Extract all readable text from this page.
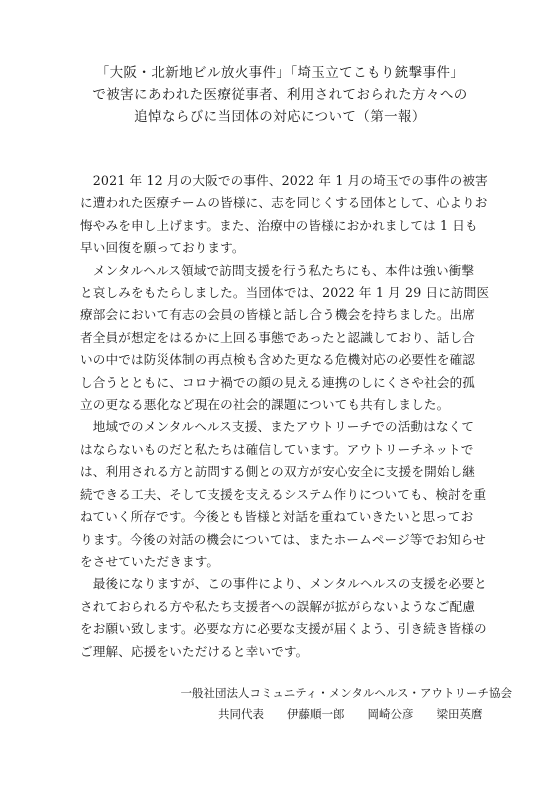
「大阪・北新地ビル放火事件」「埼玉立てこもり銃撃事件」
で被害にあわれた医療従事者、利用されておられた方々への
追悼ならびに当団体の対応について（第一報）
　2021 年 12 月の大阪での事件、2022 年 1 月の埼玉での事件の被害
に遭われた医療チームの皆様に、志を同じくする団体として、心よりお
悔やみを申し上げます。また、治療中の皆様におかれましては 1 日も
早い回復を願っております。
　メンタルヘルス領域で訪問支援を行う私たちにも、本件は強い衝撃
と哀しみをもたらしました。当団体では、2022 年 1 月 29 日に訪問医
療部会において有志の会員の皆様と話し合う機会を持ちました。出席
者全員が想定をはるかに上回る事態であったと認識しており、話し合
いの中では防災体制の再点検も含めた更なる危機対応の必要性を確認
し合うとともに、コロナ禍での顔の見える連携のしにくさや社会的孤
立の更なる悪化など現在の社会的課題についても共有しました。
　地域でのメンタルヘルス支援、またアウトリーチでの活動はなくて
はならないものだと私たちは確信しています。アウトリーチネットで
は、利用される方と訪問する側との双方が安心安全に支援を開始し継
続できる工夫、そして支援を支えるシステム作りについても、検討を重
ねていく所存です。今後とも皆様と対話を重ねていきたいと思ってお
ります。今後の対話の機会については、またホームページ等でお知らせ
をさせていただきます。
　最後になりますが、この事件により、メンタルヘルスの支援を必要と
されておられる方や私たち支援者への誤解が拡がらないようなご配慮
をお願い致します。必要な方に必要な支援が届くよう、引き続き皆様の
ご理解、応援をいただけると幸いです。
一般社団法人コミュニティ・メンタルヘルス・アウトリーチ協会
共同代表　　伊藤順一郎　　岡崎公彦　　梁田英麿
